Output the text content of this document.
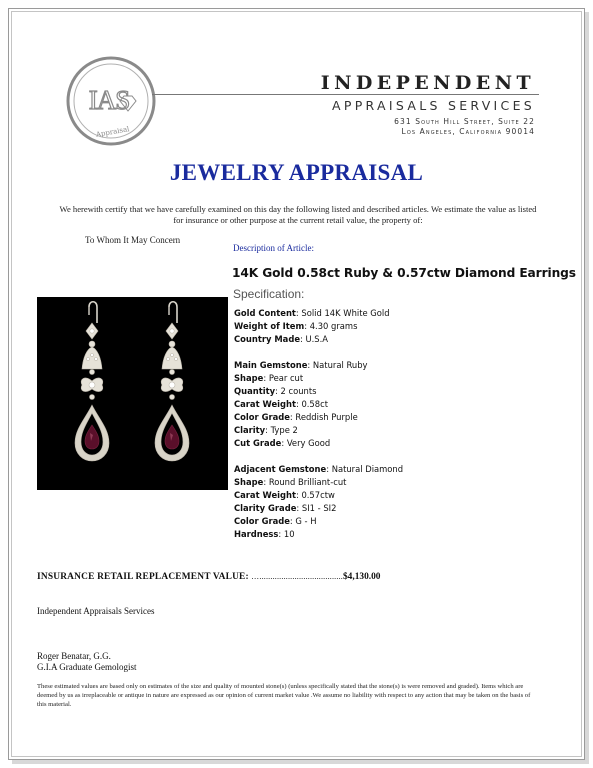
IAS
Appraisal
INDEPENDENT
APPRAISALS SERVICES
631 South Hill Street, Suite 22
Los Angeles, California 90014
JEWELRY APPRAISAL
We herewith certify that we have carefully examined on this day the following listed and described articles. We estimate the value as listed for insurance or other purpose at the current retail value, the property of:
To Whom It May Concern
Description of Article:
14K Gold 0.58ct Ruby & 0.57ctw Diamond Earrings
Specification:
Gold Content: Solid 14K White Gold
Weight of Item: 4.30 grams
Country Made: U.S.A
Main Gemstone: Natural Ruby
Shape: Pear cut
Quantity: 2 counts
Carat Weight: 0.58ct
Color Grade: Reddish Purple
Clarity: Type 2
Cut Grade: Very Good
Adjacent Gemstone: Natural Diamond
Shape: Round Brilliant-cut
Carat Weight: 0.57ctw
Clarity Grade: SI1 - SI2
Color Grade: G - H
Hardness: 10
INSURANCE RETAIL REPLACEMENT VALUE: …......................................$4,130.00
Independent Appraisals Services
Roger Benatar, G.G.
G.I.A Graduate Gemologist
These estimated values are based only on estimates of the size and quality of mounted stone(s) (unless specifically stated that the stone(s) is were removed and graded). Items which are deemed by us as irreplaceable or antique in nature are expressed as our opinion of current market value .We assume no liability with respect to any action that may be taken on the basis of this material.
